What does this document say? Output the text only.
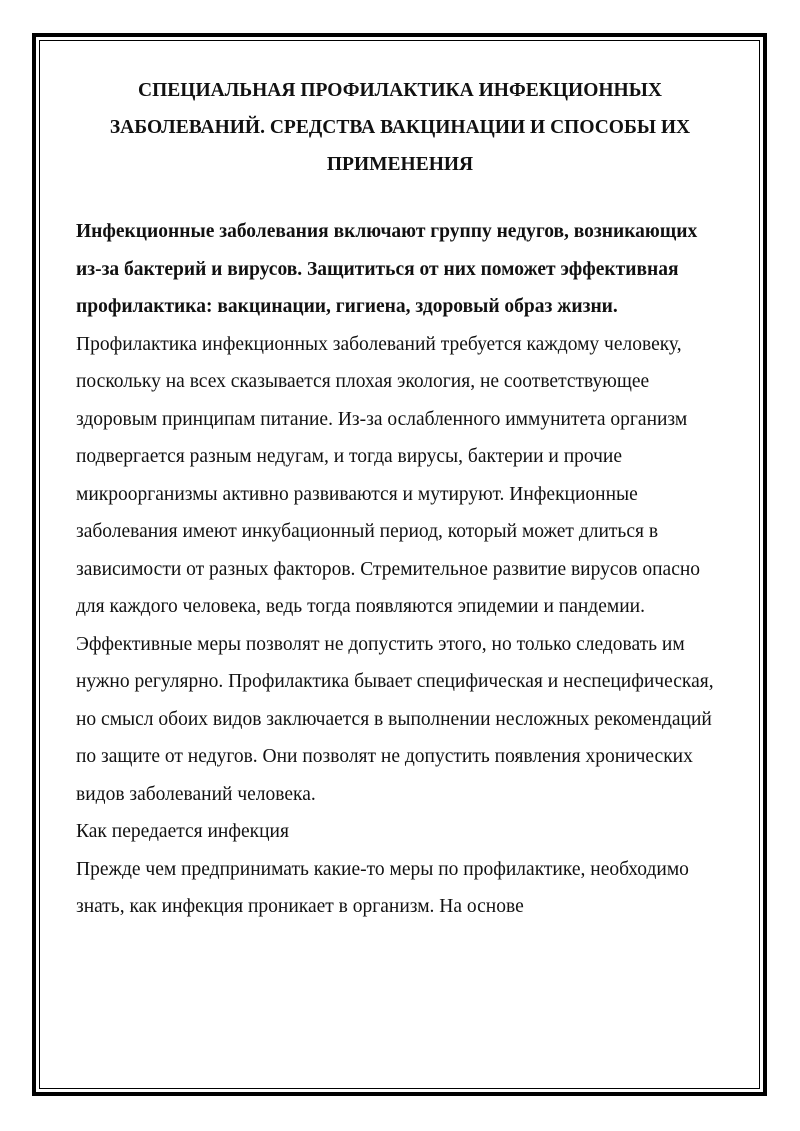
СПЕЦИАЛЬНАЯ ПРОФИЛАКТИКА ИНФЕКЦИОННЫХ ЗАБОЛЕВАНИЙ. СРЕДСТВА ВАКЦИНАЦИИ И СПОСОБЫ ИХ ПРИМЕНЕНИЯ

Инфекционные заболевания включают группу недугов, возникающих из-за бактерий и вирусов. Защититься от них поможет эффективная профилактика: вакцинации, гигиена, здоровый образ жизни.

Профилактика инфекционных заболеваний требуется каждому человеку, поскольку на всех сказывается плохая экология, не соответствующее здоровым принципам питание. Из-за ослабленного иммунитета организм подвергается разным недугам, и тогда вирусы, бактерии и прочие микроорганизмы активно развиваются и мутируют. Инфекционные заболевания имеют инкубационный период, который может длиться в зависимости от разных факторов. Стремительное развитие вирусов опасно для каждого человека, ведь тогда появляются эпидемии и пандемии. Эффективные меры позволят не допустить этого, но только следовать им нужно регулярно. Профилактика бывает специфическая и неспецифическая, но смысл обоих видов заключается в выполнении несложных рекомендаций по защите от недугов. Они позволят не допустить появления хронических видов заболеваний человека.

Как передается инфекция

Прежде чем предпринимать какие-то меры по профилактике, необходимо знать, как инфекция проникает в организм. На основе
